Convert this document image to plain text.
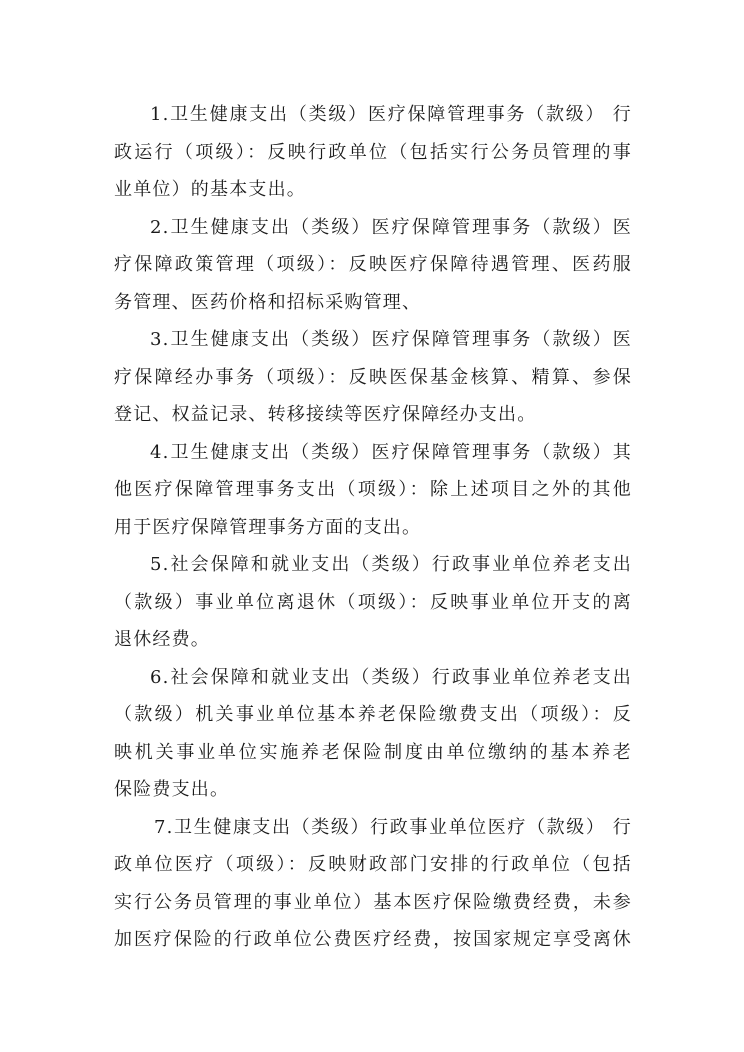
1.卫生健康支出（类级）医疗保障管理事务（款级） 行
政运行（项级）：反映行政单位（包括实行公务员管理的事
业单位）的基本支出。
2.卫生健康支出（类级）医疗保障管理事务（款级）医
疗保障政策管理（项级）：反映医疗保障待遇管理、医药服
务管理、医药价格和招标采购管理、
3.卫生健康支出（类级）医疗保障管理事务（款级）医
疗保障经办事务（项级）：反映医保基金核算、精算、参保
登记、权益记录、转移接续等医疗保障经办支出。
4.卫生健康支出（类级）医疗保障管理事务（款级）其
他医疗保障管理事务支出（项级）：除上述项目之外的其他
用于医疗保障管理事务方面的支出。
5.社会保障和就业支出（类级）行政事业单位养老支出
（款级）事业单位离退休（项级）：反映事业单位开支的离
退休经费。
6.社会保障和就业支出（类级）行政事业单位养老支出
（款级）机关事业单位基本养老保险缴费支出（项级）：反
映机关事业单位实施养老保险制度由单位缴纳的基本养老
保险费支出。
7.卫生健康支出（类级）行政事业单位医疗（款级） 行
政单位医疗（项级）：反映财政部门安排的行政单位（包括
实行公务员管理的事业单位）基本医疗保险缴费经费，未参
加医疗保险的行政单位公费医疗经费，按国家规定享受离休
